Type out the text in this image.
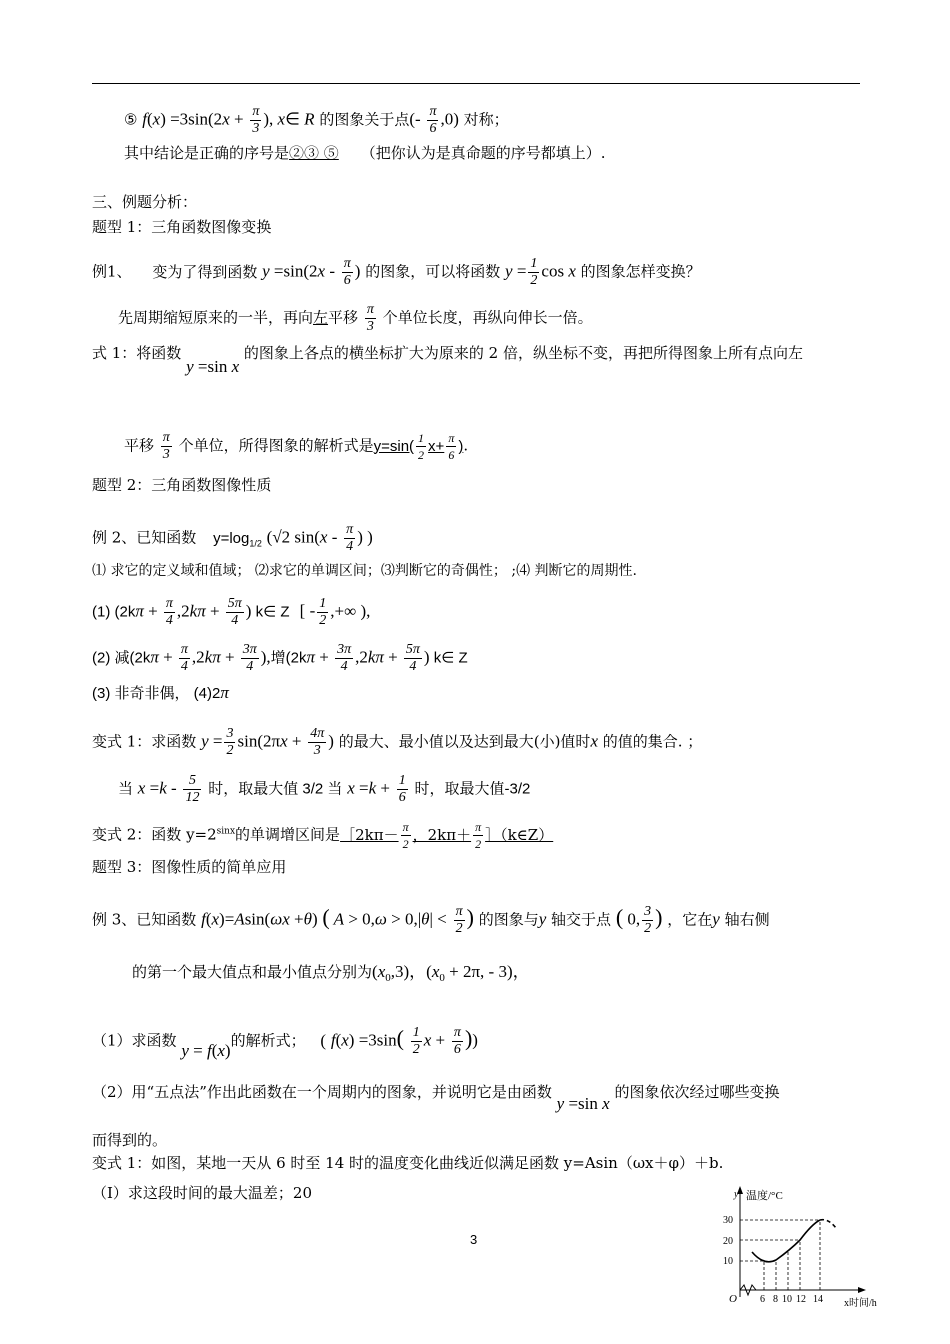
⑤ $f(x) =3\sin(2x + \frac{\pi}{3}$ ), x∈ R 的图象关于点(- $\frac{\pi}{6} ,0$) 对称；
其中结论是正确的序号是②③ ⑤ （把你认为是真命题的序号都填上）.
三、例题分析：
题型 1：三角函数图像变换
例1、 变为了得到函数 $y =\sin(2x - \frac{\pi}{6}$ ) 的图象，可以将函数 $y = \frac{1}{2}$ cos x 的图象怎样变换？
先周期缩短原来的一半，再向左平移 $\frac{\pi}{3}$ 个单位长度，再纵向伸长一倍。
式 1：将函数 y =sin x 的图象上各点的横坐标扩大为原来的 2 倍，纵坐标不变，再把所得图象上所有点向左
平移 $\frac{\pi}{3}$ 个单位，所得图象的解析式是$y=\sin( \frac{1}{2} x+ \frac{\pi}{6}$ ).
题型 2：三角函数图像性质
例 2、已知函数 $y=\log_{1/2}$ (√2 $\sin(x - \frac{\pi}{4}$ ) )
⑴ 求它的定义域和值域； ⑵求它的单调区间；⑶判断它的奇偶性； ;⑷ 判断它的周期性.
(1) ($2k\pi + \frac{\pi}{4} ,2k\pi + \frac{5\pi}{4}$ ) k∈ Z [ - $\frac{1}{2}$ ,+∞ ),
(2) 减($2k\pi + \frac{\pi}{4} ,2k\pi + \frac{3\pi}{4}$ ),增($2k\pi + \frac{3\pi}{4} ,2k\pi + \frac{5\pi}{4}$ ) k∈ Z
(3) 非奇非偶， (4)2π
变式 1：求函数 $y = \frac{3}{2} \sin(2\pi x + \frac{4\pi}{3}$ ) 的最大、最小值以及达到最大(小)值时x 的值的集合. ；
当 $x =k - \frac{5}{12}$ 时，取最大值 3/2 当 $x =k + \frac{1}{6}$ 时，取最大值-3/2
变式 2：函数 $y=2^{sinx}$的单调增区间是［2kπ－ $\frac{\pi}{2}$ ，$2k\pi+ \frac{\pi}{2}$ ］（k∈Z）
题型 3：图像性质的简单应用
例 3、已知函数 f(x)=Asin(ωx +θ) ( $A > 0,\omega > 0,|\theta| < \frac{\pi}{2}$ ) 的图象与y 轴交于点 ( 0, $\frac{3}{2}$ ) ，它在y 轴右侧
的第一个最大值点和最小值点分别为$(x_0,3)$，($x_0 + 2\pi$, - 3)，
（1）求函数 y = f(x)的解析式； ( $f(x) =3\sin( \frac{1}{2}$ $x + \frac{\pi}{6}$ ))
（2）用“五点法”作出此函数在一个周期内的图象，并说明它是由函数 y =sin x 的图象依次经过哪些变换
而得到的。
变式 1：如图，某地一天从 6 时至 14 时的温度变化曲线近似满足函数 y=Asin（ωx＋φ）＋b.
（Ⅰ）求这段时间的最大温差；20
3
y 温度/°C
O	x时间/h
30
20
10
6 8 10 12 14
